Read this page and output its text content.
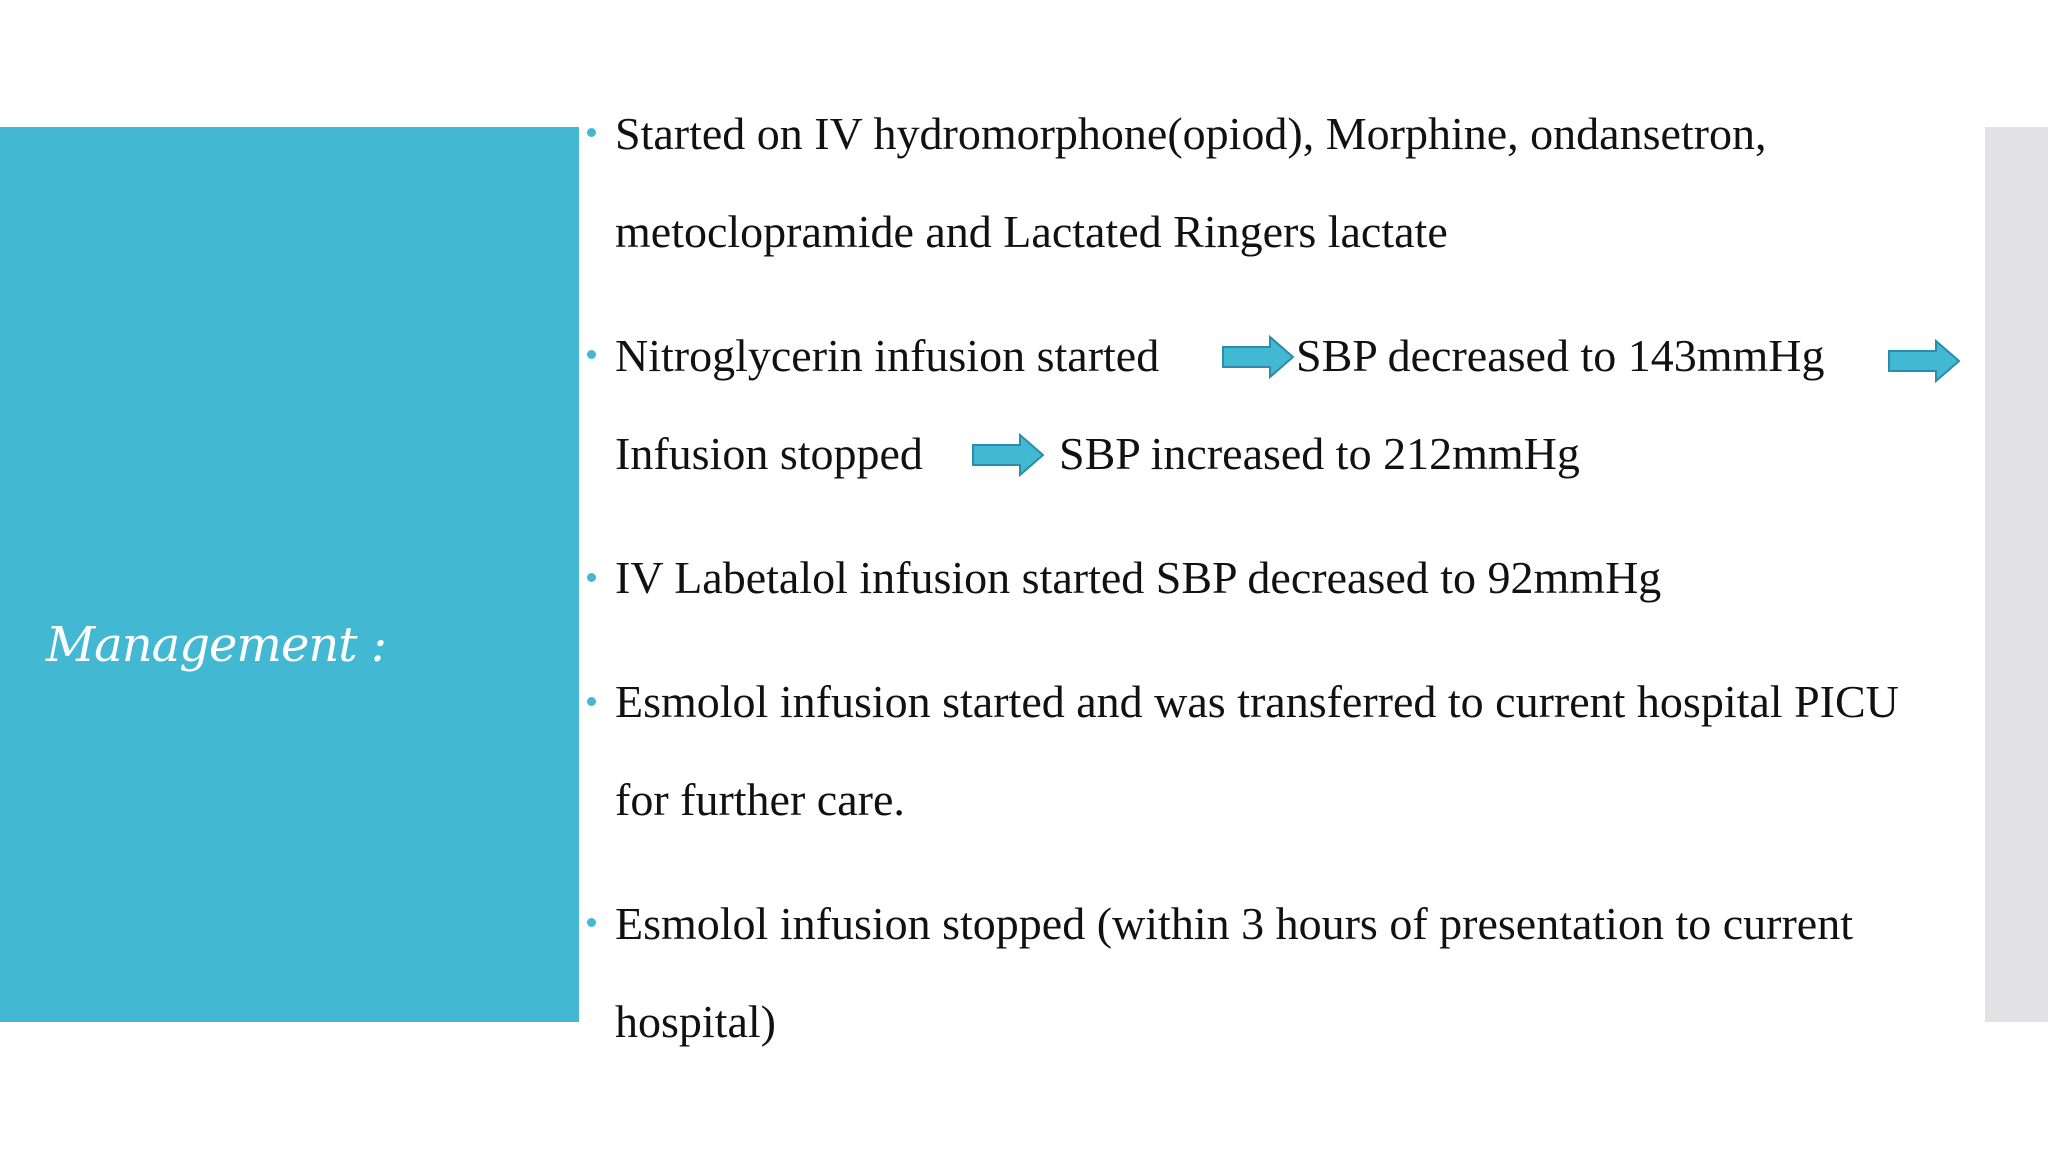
Management :
Started on IV hydromorphone(opiod), Morphine, ondansetron,
metoclopramide and Lactated Ringers lactate
Nitroglycerin infusion started	SBP decreased to 143mmHg
Infusion stopped	SBP increased to 212mmHg
IV Labetalol infusion started SBP decreased to 92mmHg
Esmolol infusion started and was transferred to current hospital PICU
for further care.
Esmolol infusion stopped (within 3 hours of presentation to current
hospital)
